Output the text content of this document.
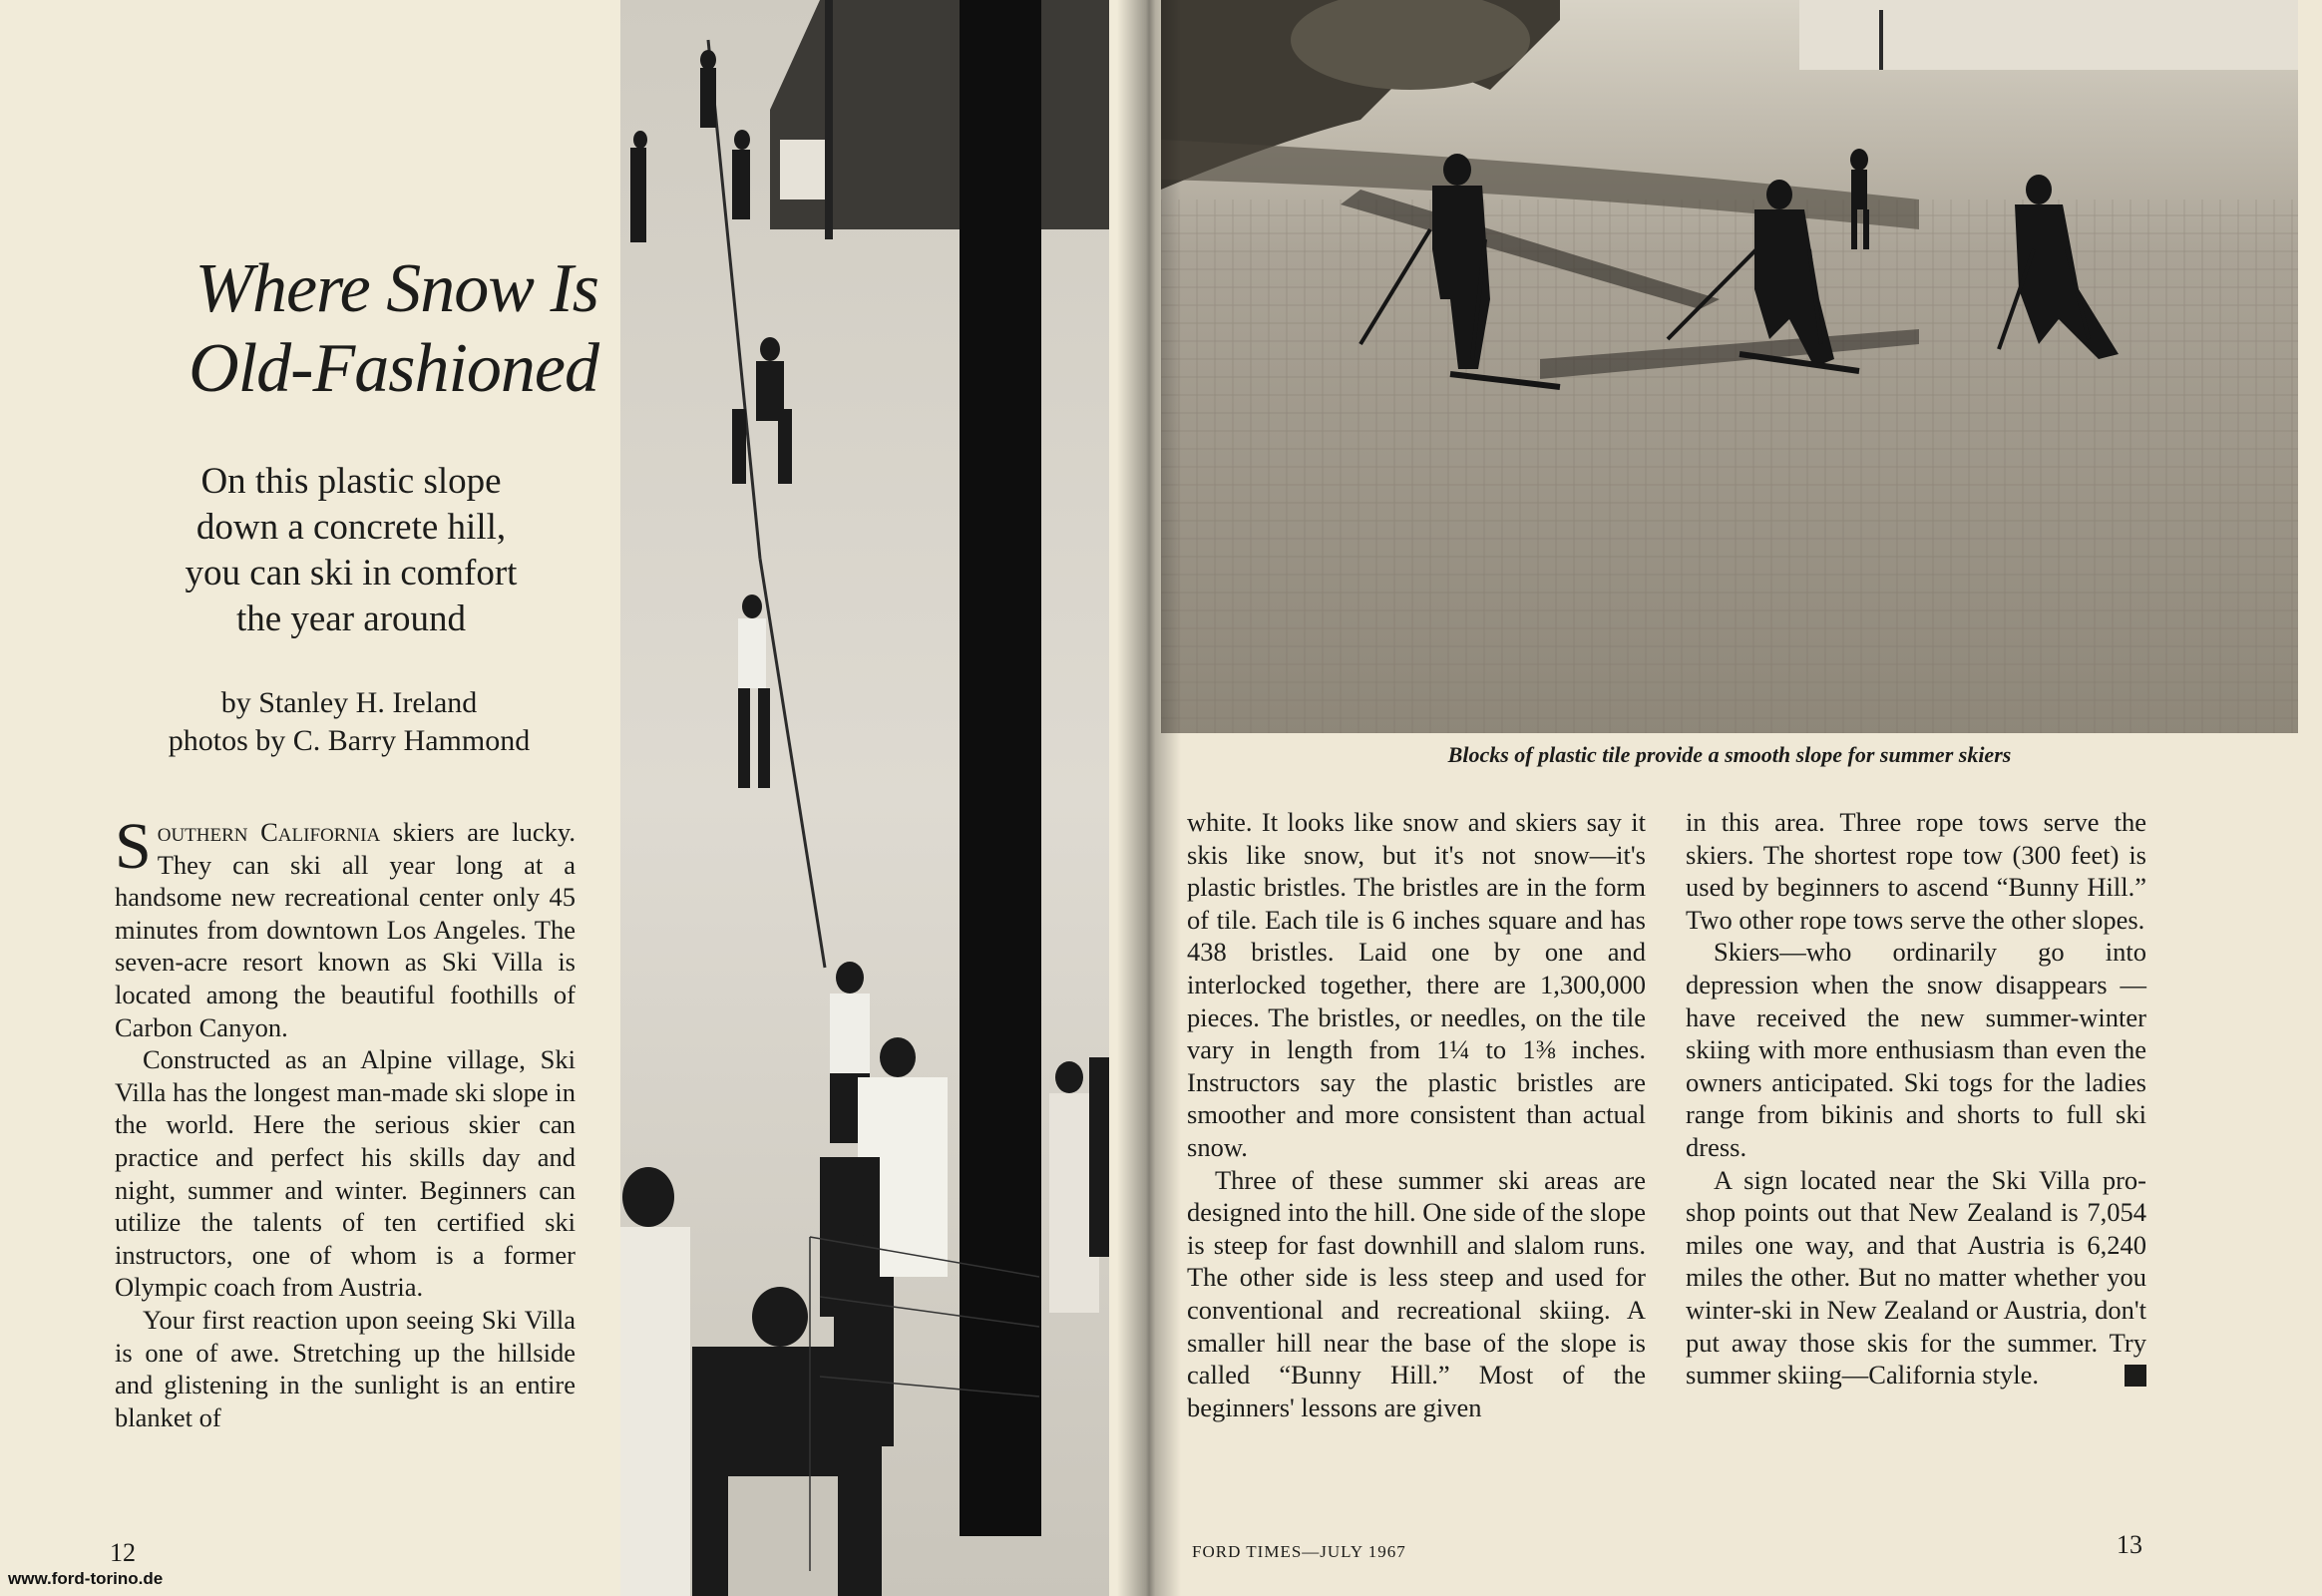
Where Snow Is
Old-Fashioned
On this plastic slope
down a concrete hill,
you can ski in comfort
the year around
by Stanley H. Ireland
photos by C. Barry Hammond

Southern California skiers are lucky. They can ski all year long at a handsome new recreational center only 45 minutes from downtown Los Angeles. The seven-acre resort known as Ski Villa is located among the beautiful foothills of Carbon Canyon.

Constructed as an Alpine village, Ski Villa has the longest man-made ski slope in the world. Here the serious skier can practice and perfect his skills day and night, summer and winter. Beginners can utilize the talents of ten certified ski instructors, one of whom is a former Olympic coach from Austria.

Your first reaction upon seeing Ski Villa is one of awe. Stretching up the hillside and glistening in the sunlight is an entire blanket of

12
www.ford-torino.de
Blocks of plastic tile provide a smooth slope for summer skiers

white. It looks like snow and skiers say it skis like snow, but it's not snow—it's plastic bristles. The bristles are in the form of tile. Each tile is 6 inches square and has 438 bristles. Laid one by one and interlocked together, there are 1,300,000 pieces. The bristles, or needles, on the tile vary in length from 1¼ to 1⅜ inches. Instructors say the plastic bristles are smoother and more consistent than actual snow.

Three of these summer ski areas are designed into the hill. One side of the slope is steep for fast downhill and slalom runs. The other side is less steep and used for conventional and recreational skiing. A smaller hill near the base of the slope is called “Bunny Hill.” Most of the beginners' lessons are given

in this area. Three rope tows serve the skiers. The shortest rope tow (300 feet) is used by beginners to ascend “Bunny Hill.” Two other rope tows serve the other slopes.

Skiers—who ordinarily go into depression when the snow disappears —have received the new summer-winter skiing with more enthusiasm than even the owners anticipated. Ski togs for the ladies range from bikinis and shorts to full ski dress.

A sign located near the Ski Villa pro-shop points out that New Zealand is 7,054 miles one way, and that Austria is 6,240 miles the other. But no matter whether you winter-ski in New Zealand or Austria, don't put away those skis for the summer. Try summer skiing—California style.

FORD TIMES—JULY 1967	13
